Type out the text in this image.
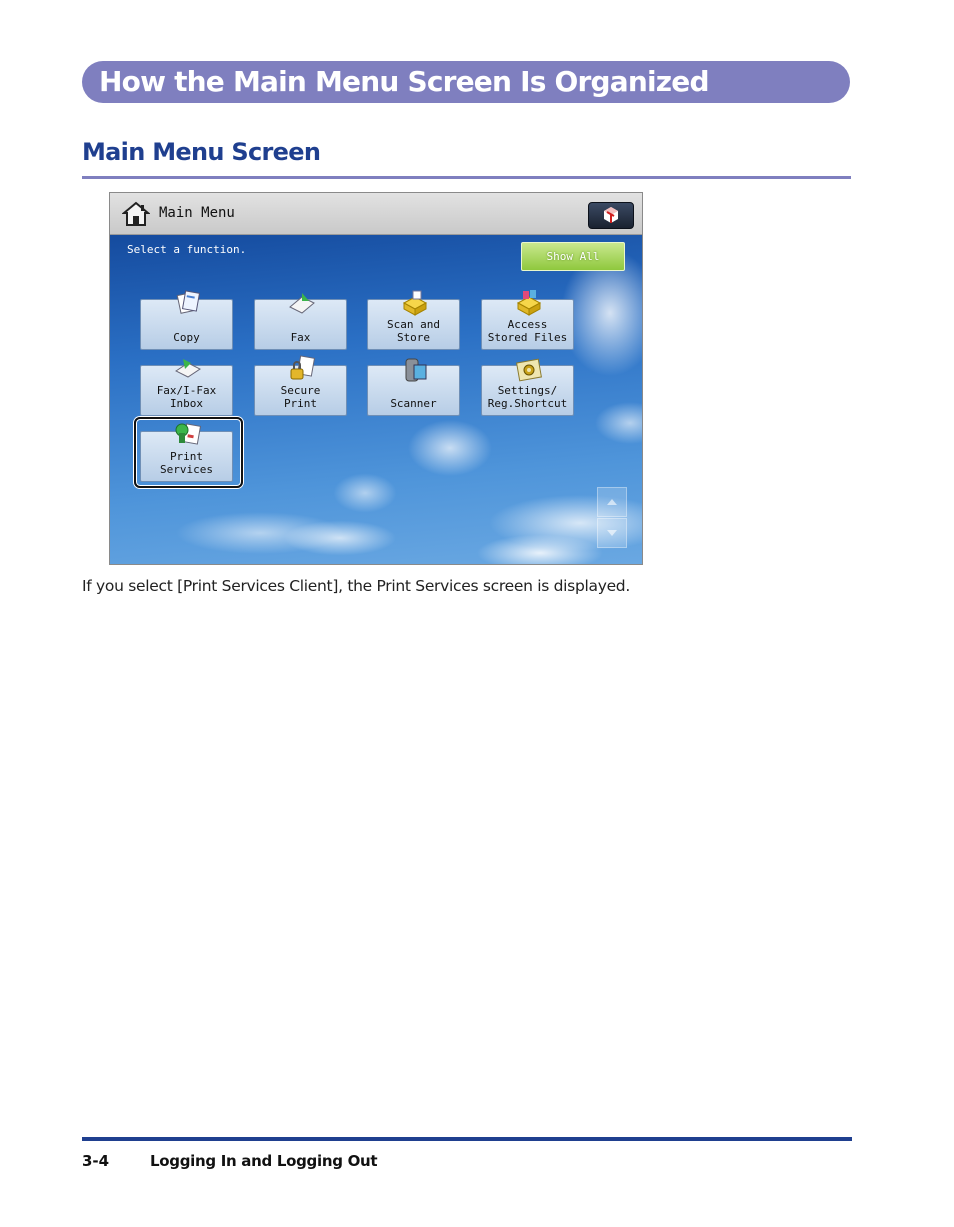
How the Main Menu Screen Is Organized
Main Menu Screen
Main Menu
Select a function.
Show All
Copy	Fax
Scan and
Store
Access
Stored Files
Fax/I-Fax
Inbox
Secure
Print	Scanner
Settings/
Reg.Shortcut
Print
Services

If you select [Print Services Client], the Print Services screen is displayed.

3-4	Logging In and Logging Out
